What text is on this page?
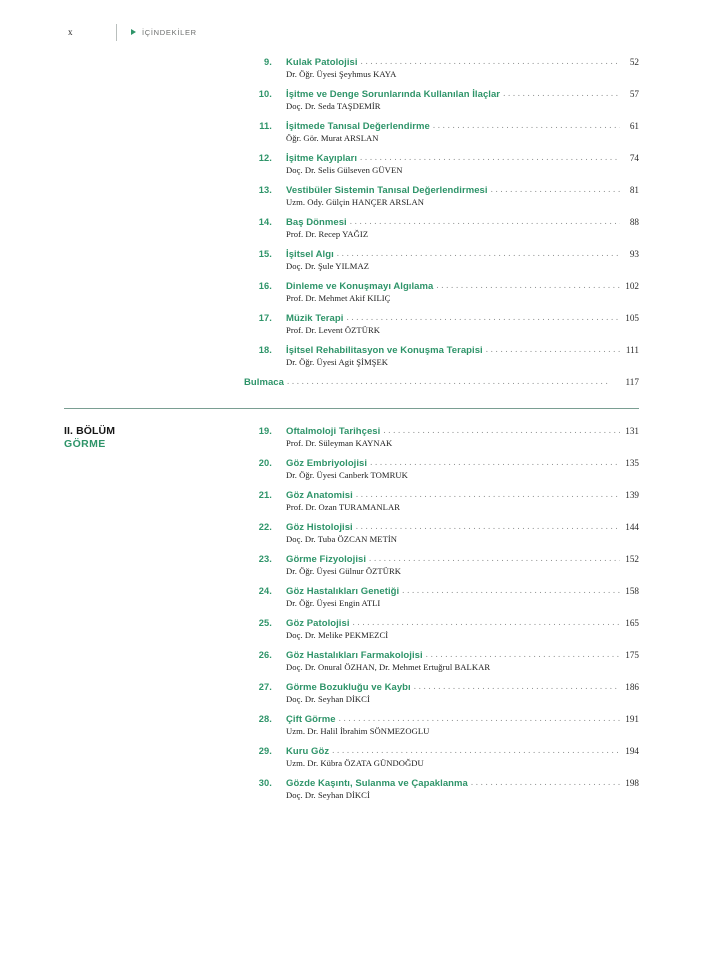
x	İÇİNDEKİLER
9.	Kulak Patolojisi . . .	52
Dr. Öğr. Üyesi Şeyhmus KAYA
10.	İşitme ve Denge Sorunlarında Kullanılan İlaçlar . . .	57
Doç. Dr. Seda TAŞDEMİR
11.	İşitmede Tanısal Değerlendirme . . .	61
Öğr. Gör. Murat ARSLAN
12.	İşitme Kayıpları . . .	74
Doç. Dr. Selis Gülseven GÜVEN
13.	Vestibüler Sistemin Tanısal Değerlendirmesi . . .	81
Uzm. Ody. Gülçin HANÇER ARSLAN
14.	Baş Dönmesi . . .	88
Prof. Dr. Recep YAĞIZ
15.	İşitsel Algı . . .	93
Doç. Dr. Şule YILMAZ
16.	Dinleme ve Konuşmayı Algılama . . .	102
Prof. Dr. Mehmet Akif KILIÇ
17.	Müzik Terapi . . .	105
Prof. Dr. Levent ÖZTÜRK
18.	İşitsel Rehabilitasyon ve Konuşma Terapisi . . .	111
Dr. Öğr. Üyesi Agit ŞİMŞEK
Bulmaca . . .	117
II. BÖLÜM
GÖRME
19.	Oftalmoloji Tarihçesi . . .	131
Prof. Dr. Süleyman KAYNAK
20.	Göz Embriyolojisi . . .	135
Dr. Öğr. Üyesi Canberk TOMRUK
21.	Göz Anatomisi . . .	139
Prof. Dr. Ozan TURAMANLAR
22.	Göz Histolojisi . . .	144
Doç. Dr. Tuba ÖZCAN METİN
23.	Görme Fizyolojisi . . .	152
Dr. Öğr. Üyesi Gülnur ÖZTÜRK
24.	Göz Hastalıkları Genetiği . . .	158
Dr. Öğr. Üyesi Engin ATLI
25.	Göz Patolojisi . . .	165
Doç. Dr. Melike PEKMEZCİ
26.	Göz Hastalıkları Farmakolojisi . . .	175
Doç. Dr. Onural ÖZHAN, Dr. Mehmet Ertuğrul BALKAR
27.	Görme Bozukluğu ve Kaybı . . .	186
Doç. Dr. Seyhan DİKCİ
28.	Çift Görme . . .	191
Uzm. Dr. Halil İbrahim SÖNMEZOGLU
29.	Kuru Göz . . .	194
Uzm. Dr. Kübra ÖZATA GÜNDOĞDU
30.	Gözde Kaşıntı, Sulanma ve Çapaklanma . . .	198
Doç. Dr. Seyhan DİKCİ
